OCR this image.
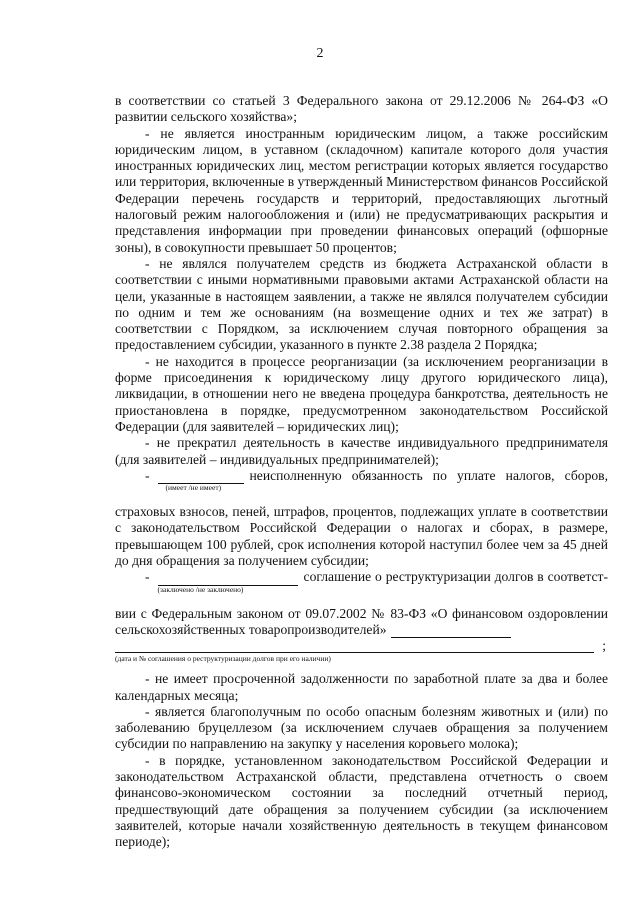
2

в соответствии со статьей 3 Федерального закона от 29.12.2006 № 264-ФЗ «О развитии сельского хозяйства»;

- не является иностранным юридическим лицом, а также российским юридическим лицом, в уставном (складочном) капитале которого доля участия иностранных юридических лиц, местом регистрации которых является государство или территория, включенные в утвержденный Министерством финансов Российской Федерации перечень государств и территорий, предоставляющих льготный налоговый режим налогообложения и (или) не предусматривающих раскрытия и представления информации при проведении финансовых операций (офшорные зоны), в совокупности превышает 50 процентов;

- не являлся получателем средств из бюджета Астраханской области в соответствии с иными нормативными правовыми актами Астраханской области на цели, указанные в настоящем заявлении, а также не являлся получателем субсидии по одним и тем же основаниям (на возмещение одних и тех же затрат) в соответствии с Порядком, за исключением случая повторного обращения за предоставлением субсидии, указанного в пункте 2.38 раздела 2 Порядка;

- не находится в процессе реорганизации (за исключением реорганизации в форме присоединения к юридическому лицу другого юридического лица), ликвидации, в отношении него не введена процедура банкротства, деятельность не приостановлена в порядке, предусмотренном законодательством Российской Федерации (для заявителей – юридических лиц);

- не прекратил деятельность в качестве индивидуального предпринимателя (для заявителей – индивидуальных предпринимателей);

-
(имеет /не имеет)
неисполненную обязанность по уплате налогов, сборов,

страховых взносов, пеней, штрафов, процентов, подлежащих уплате в соответствии с законодательством Российской Федерации о налогах и сборах, в размере, превышающем 100 рублей, срок исполнения которой наступил более чем за 45 дней до дня обращения за получением субсидии;

-
(заключено /не заключено)
соглашение о реструктуризации долгов в соответст-

вии с Федеральным законом от 09.07.2002 № 83-ФЗ «О финансовом оздоровлении сельскохозяйственных товаропроизводителей»

;
(дата и № соглашения о реструктуризации долгов при его наличии)

- не имеет просроченной задолженности по заработной плате за два и более календарных месяца;

- является благополучным по особо опасным болезням животных и (или) по заболеванию бруцеллезом (за исключением случаев обращения за получением субсидии по направлению на закупку у населения коровьего молока);

- в порядке, установленном законодательством Российской Федерации и законодательством Астраханской области, представлена отчетность о своем финансово-экономическом состоянии за последний отчетный период, предшествующий дате обращения за получением субсидии (за исключением заявителей, которые начали хозяйственную деятельность в текущем финансовом периоде);
